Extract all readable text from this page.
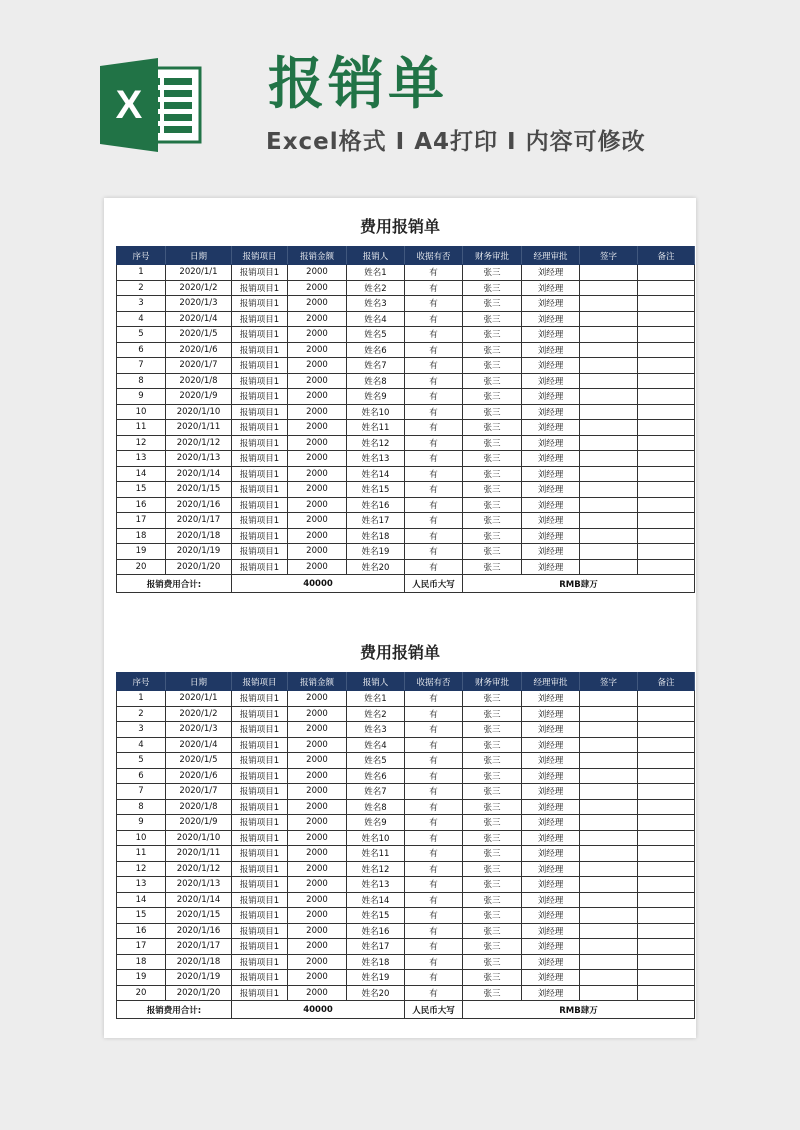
X 报销单
Excel格式 I A4打印 I 内容可修改
费用报销单
序号	日期	报销项目	报销金额	报销人	收据有否	财务审批	经理审批	签字	备注
1	2020/1/1	报销项目1	2000	姓名1	有	张三	刘经理		
2	2020/1/2	报销项目1	2000	姓名2	有	张三	刘经理		
3	2020/1/3	报销项目1	2000	姓名3	有	张三	刘经理		
4	2020/1/4	报销项目1	2000	姓名4	有	张三	刘经理		
5	2020/1/5	报销项目1	2000	姓名5	有	张三	刘经理		
6	2020/1/6	报销项目1	2000	姓名6	有	张三	刘经理		
7	2020/1/7	报销项目1	2000	姓名7	有	张三	刘经理		
8	2020/1/8	报销项目1	2000	姓名8	有	张三	刘经理		
9	2020/1/9	报销项目1	2000	姓名9	有	张三	刘经理		
10	2020/1/10	报销项目1	2000	姓名10	有	张三	刘经理		
11	2020/1/11	报销项目1	2000	姓名11	有	张三	刘经理		
12	2020/1/12	报销项目1	2000	姓名12	有	张三	刘经理		
13	2020/1/13	报销项目1	2000	姓名13	有	张三	刘经理		
14	2020/1/14	报销项目1	2000	姓名14	有	张三	刘经理		
15	2020/1/15	报销项目1	2000	姓名15	有	张三	刘经理		
16	2020/1/16	报销项目1	2000	姓名16	有	张三	刘经理		
17	2020/1/17	报销项目1	2000	姓名17	有	张三	刘经理		
18	2020/1/18	报销项目1	2000	姓名18	有	张三	刘经理		
19	2020/1/19	报销项目1	2000	姓名19	有	张三	刘经理		
20	2020/1/20	报销项目1	2000	姓名20	有	张三	刘经理		
报销费用合计:		40000			人民币大写	RMB肆万			
费用报销单
序号	日期	报销项目	报销金额	报销人	收据有否	财务审批	经理审批	签字	备注
1	2020/1/1	报销项目1	2000	姓名1	有	张三	刘经理		
2	2020/1/2	报销项目1	2000	姓名2	有	张三	刘经理		
3	2020/1/3	报销项目1	2000	姓名3	有	张三	刘经理		
4	2020/1/4	报销项目1	2000	姓名4	有	张三	刘经理		
5	2020/1/5	报销项目1	2000	姓名5	有	张三	刘经理		
6	2020/1/6	报销项目1	2000	姓名6	有	张三	刘经理		
7	2020/1/7	报销项目1	2000	姓名7	有	张三	刘经理		
8	2020/1/8	报销项目1	2000	姓名8	有	张三	刘经理		
9	2020/1/9	报销项目1	2000	姓名9	有	张三	刘经理		
10	2020/1/10	报销项目1	2000	姓名10	有	张三	刘经理		
11	2020/1/11	报销项目1	2000	姓名11	有	张三	刘经理		
12	2020/1/12	报销项目1	2000	姓名12	有	张三	刘经理		
13	2020/1/13	报销项目1	2000	姓名13	有	张三	刘经理		
14	2020/1/14	报销项目1	2000	姓名14	有	张三	刘经理		
15	2020/1/15	报销项目1	2000	姓名15	有	张三	刘经理		
16	2020/1/16	报销项目1	2000	姓名16	有	张三	刘经理		
17	2020/1/17	报销项目1	2000	姓名17	有	张三	刘经理		
18	2020/1/18	报销项目1	2000	姓名18	有	张三	刘经理		
19	2020/1/19	报销项目1	2000	姓名19	有	张三	刘经理		
20	2020/1/20	报销项目1	2000	姓名20	有	张三	刘经理		
报销费用合计:		40000			人民币大写	RMB肆万			
